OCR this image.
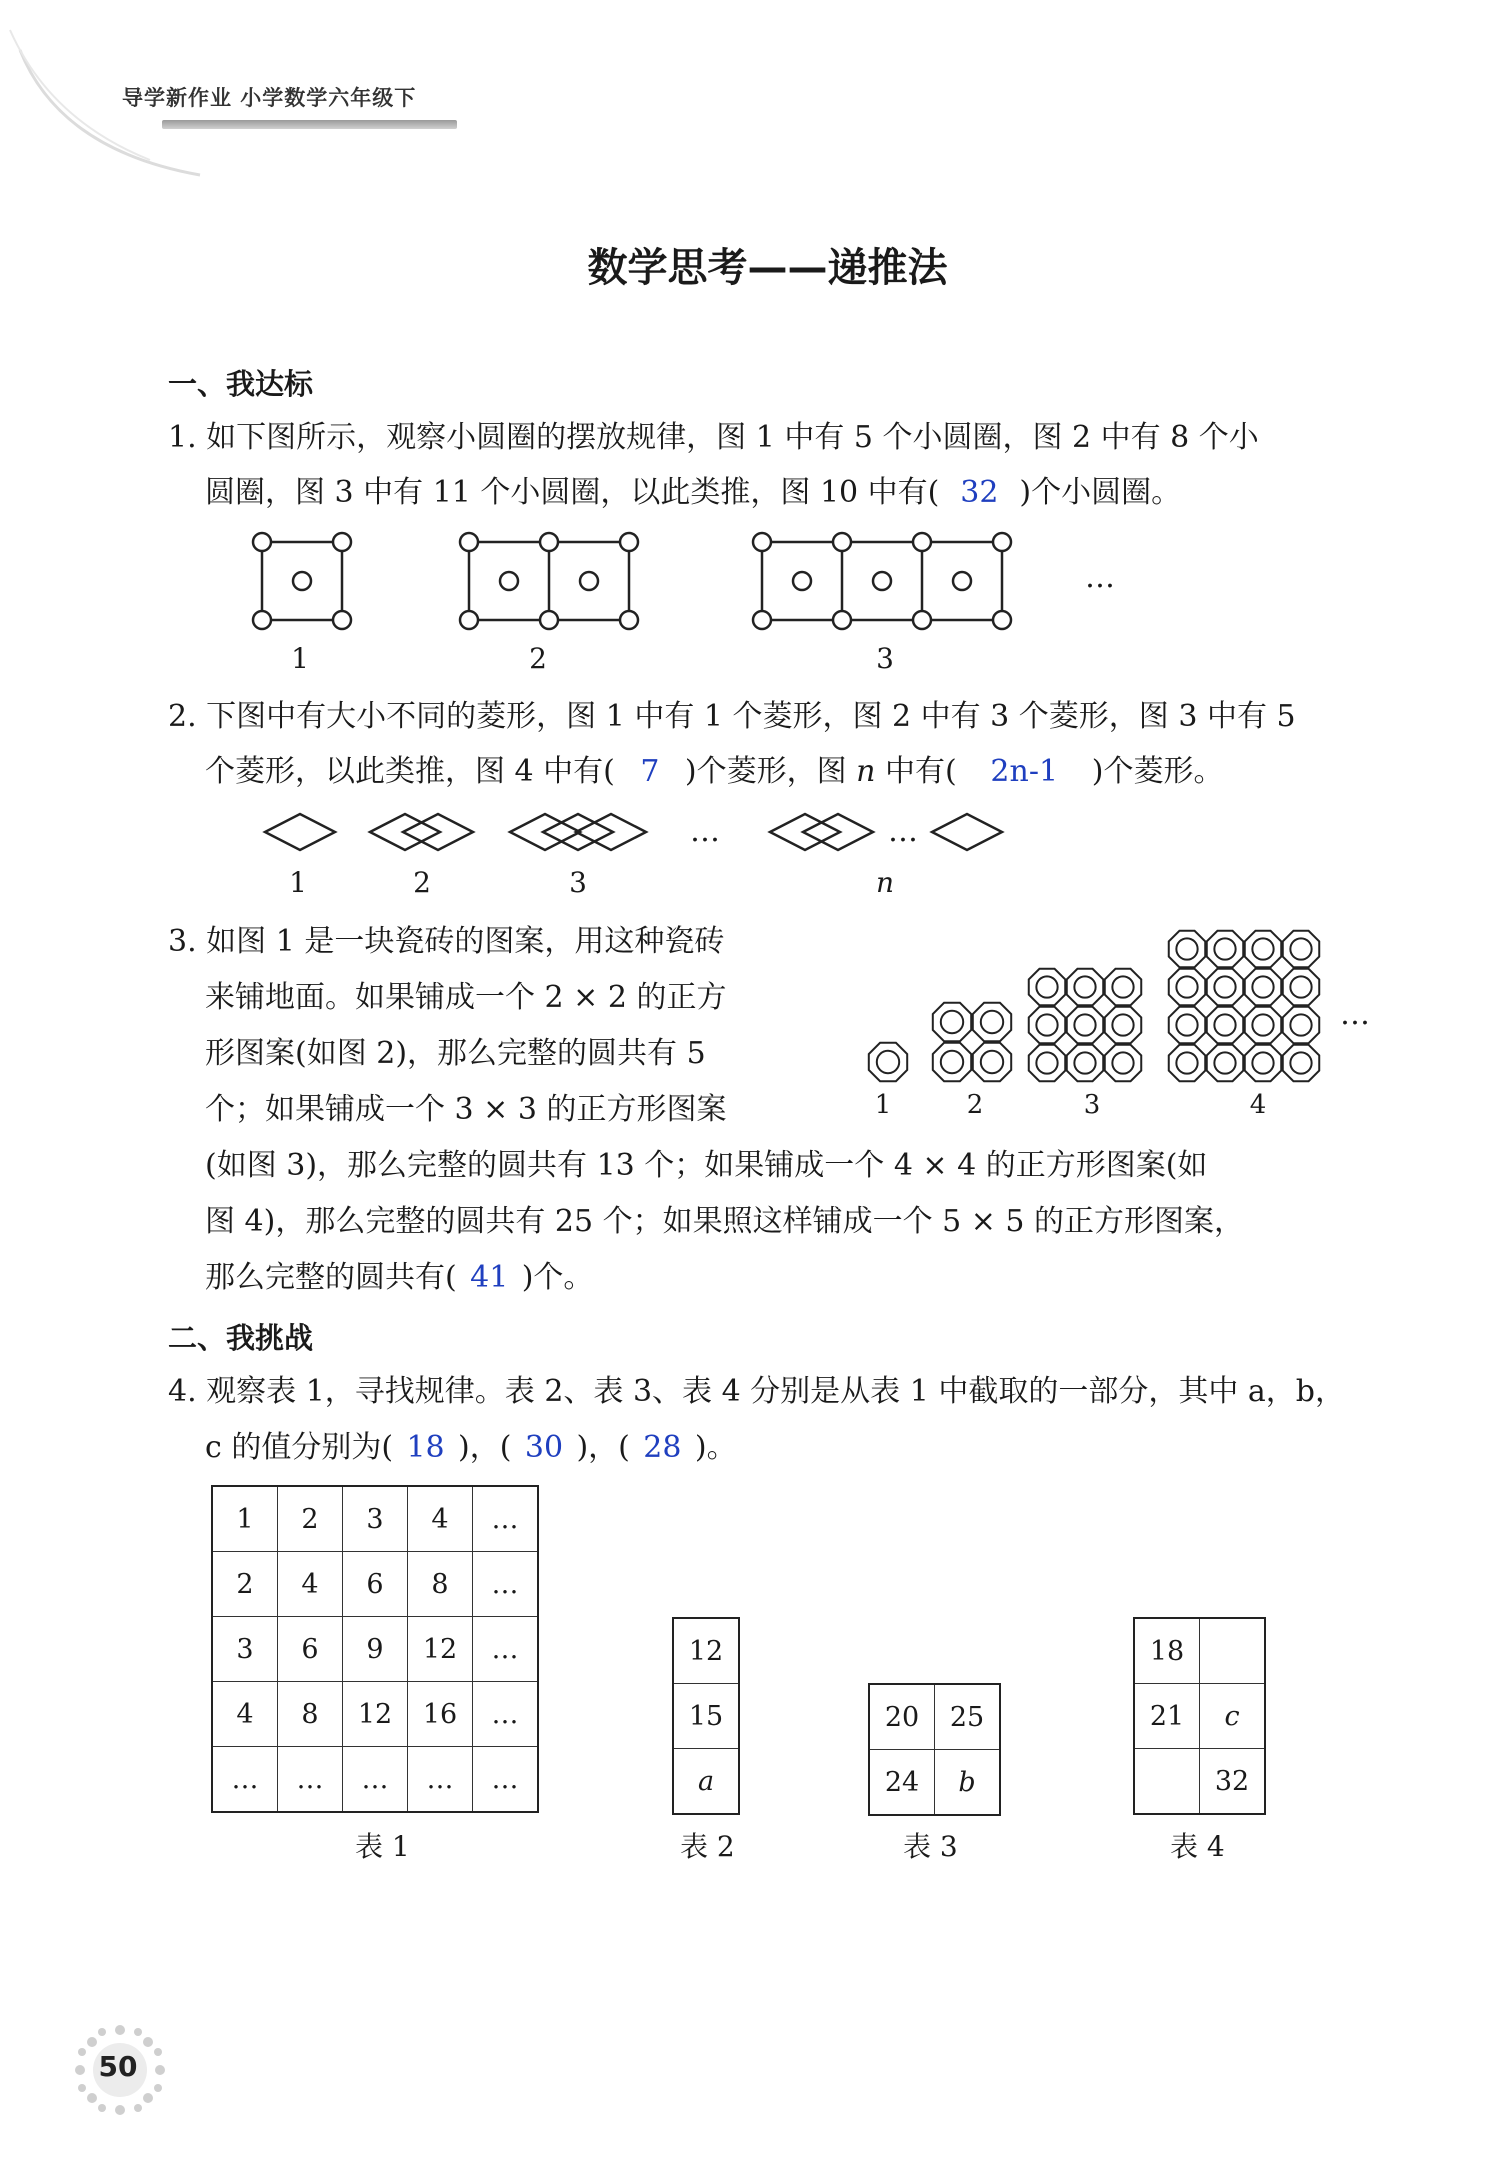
导学新作业 小学数学六年级下
数学思考——递推法
一、我达标
1. 如下图所示，观察小圆圈的摆放规律，图 1 中有 5 个小圆圈，图 2 中有 8 个小
圆圈，图 3 中有 11 个小圆圈，以此类推，图 10 中有( 32 )个小圆圈。
…
1	2	3
2. 下图中有大小不同的菱形，图 1 中有 1 个菱形，图 2 中有 3 个菱形，图 3 中有 5
个菱形，以此类推，图 4 中有( 7 )个菱形，图 n 中有( 2n-1 )个菱形。
…	…
1	2	3	n
3. 如图 1 是一块瓷砖的图案，用这种瓷砖
来铺地面。如果铺成一个 2 × 2 的正方
形图案(如图 2)，那么完整的圆共有 5
个；如果铺成一个 3 × 3 的正方形图案
…
1	2	3	4
(如图 3)，那么完整的圆共有 13 个；如果铺成一个 4 × 4 的正方形图案(如
图 4)，那么完整的圆共有 25 个；如果照这样铺成一个 5 × 5 的正方形图案，
那么完整的圆共有( 41 )个。
二、我挑战
4. 观察表 1，寻找规律。表 2、表 3、表 4 分别是从表 1 中截取的一部分，其中 a，b，
c 的值分别为( 18 )，( 30 )，( 28 )。
1	2	3	4	…
2	4	6	8	…
3	6	9	12	…
4	8	12	16	…
…	…	…	…	…
12
15
a
20	25
24	b
18	
21	c
	32
表 1	表 2	表 3	表 4
50
